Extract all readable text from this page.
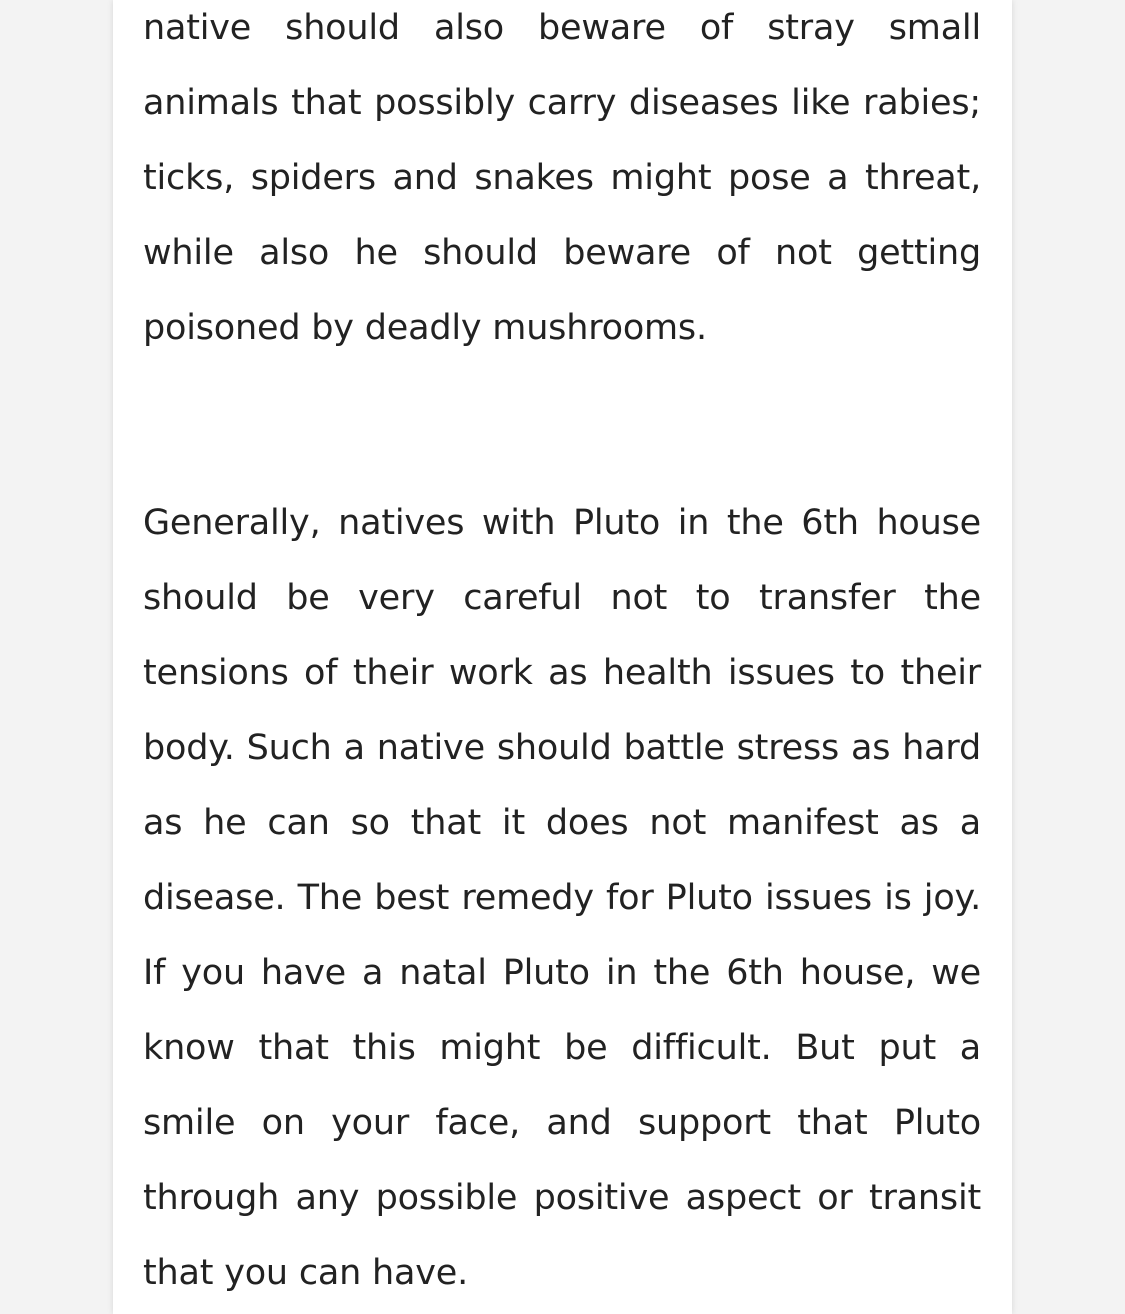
native should also beware of stray small animals that possibly carry diseases like rabies; ticks, spiders and snakes might pose a threat, while also he should beware of not getting poisoned by deadly mushrooms.

Generally, natives with Pluto in the 6th house should be very careful not to transfer the tensions of their work as health issues to their body. Such a native should battle stress as hard as he can so that it does not manifest as a disease. The best remedy for Pluto issues is joy. If you have a natal Pluto in the 6th house, we know that this might be difficult. But put a smile on your face, and support that Pluto through any possible positive aspect or transit that you can have.
